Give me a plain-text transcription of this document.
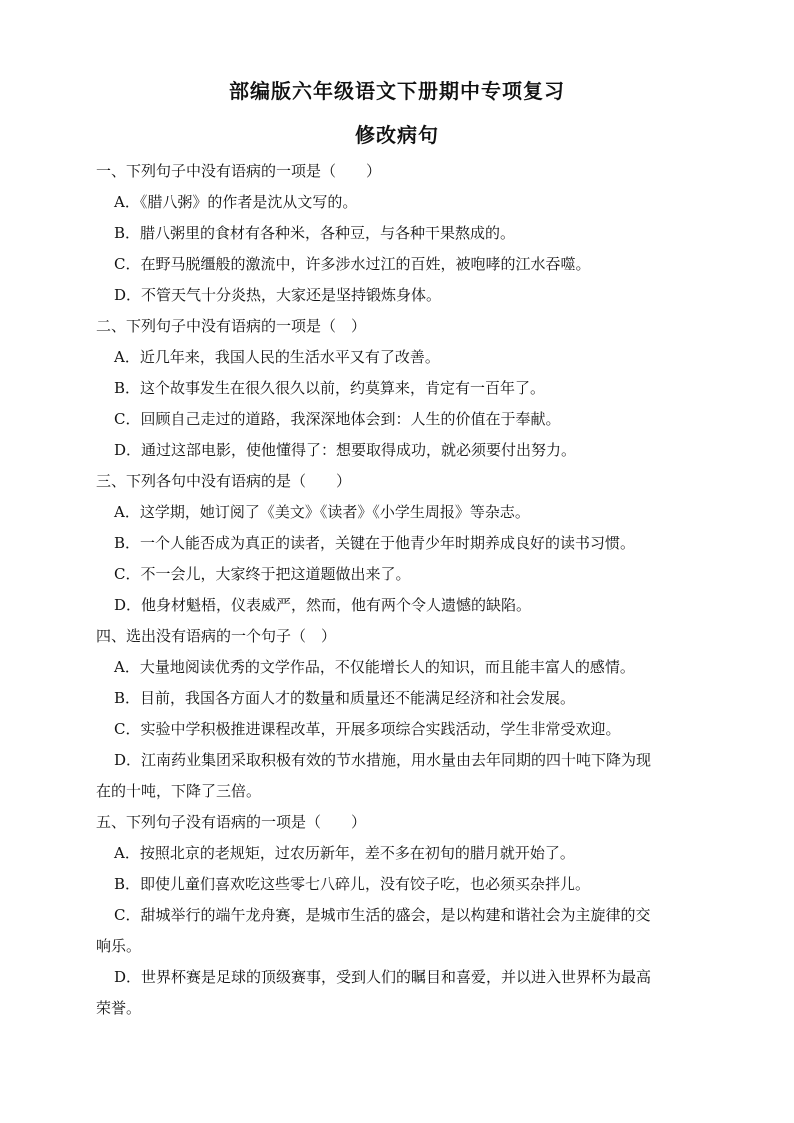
部编版六年级语文下册期中专项复习
修改病句
一、下列句子中没有语病的一项是（　　）
A．《腊八粥》的作者是沈从文写的。
B．腊八粥里的食材有各种米，各种豆，与各种干果熬成的。
C．在野马脱缰般的激流中，许多涉水过江的百姓，被咆哮的江水吞噬。
D．不管天气十分炎热，大家还是坚持锻炼身体。
二、下列句子中没有语病的一项是（　）
A．近几年来，我国人民的生活水平又有了改善。
B．这个故事发生在很久很久以前，约莫算来，肯定有一百年了。
C．回顾自己走过的道路，我深深地体会到：人生的价值在于奉献。
D．通过这部电影，使他懂得了：想要取得成功，就必须要付出努力。
三、下列各句中没有语病的是（　　）
A．这学期，她订阅了《美文》《读者》《小学生周报》等杂志。
B．一个人能否成为真正的读者，关键在于他青少年时期养成良好的读书习惯。
C．不一会儿，大家终于把这道题做出来了。
D．他身材魁梧，仪表威严，然而，他有两个令人遗憾的缺陷。
四、选出没有语病的一个句子（　）
A．大量地阅读优秀的文学作品，不仅能增长人的知识，而且能丰富人的感情。
B．目前，我国各方面人才的数量和质量还不能满足经济和社会发展。
C．实验中学积极推进课程改革，开展多项综合实践活动，学生非常受欢迎。
D．江南药业集团采取积极有效的节水措施，用水量由去年同期的四十吨下降为现
在的十吨，下降了三倍。
五、下列句子没有语病的一项是（　　）
A．按照北京的老规矩，过农历新年，差不多在初旬的腊月就开始了。
B．即使儿童们喜欢吃这些零七八碎儿，没有饺子吃，也必须买杂拌儿。
C．甜城举行的端午龙舟赛，是城市生活的盛会，是以构建和谐社会为主旋律的交
响乐。
D．世界杯赛是足球的顶级赛事，受到人们的瞩目和喜爱，并以进入世界杯为最高
荣誉。
